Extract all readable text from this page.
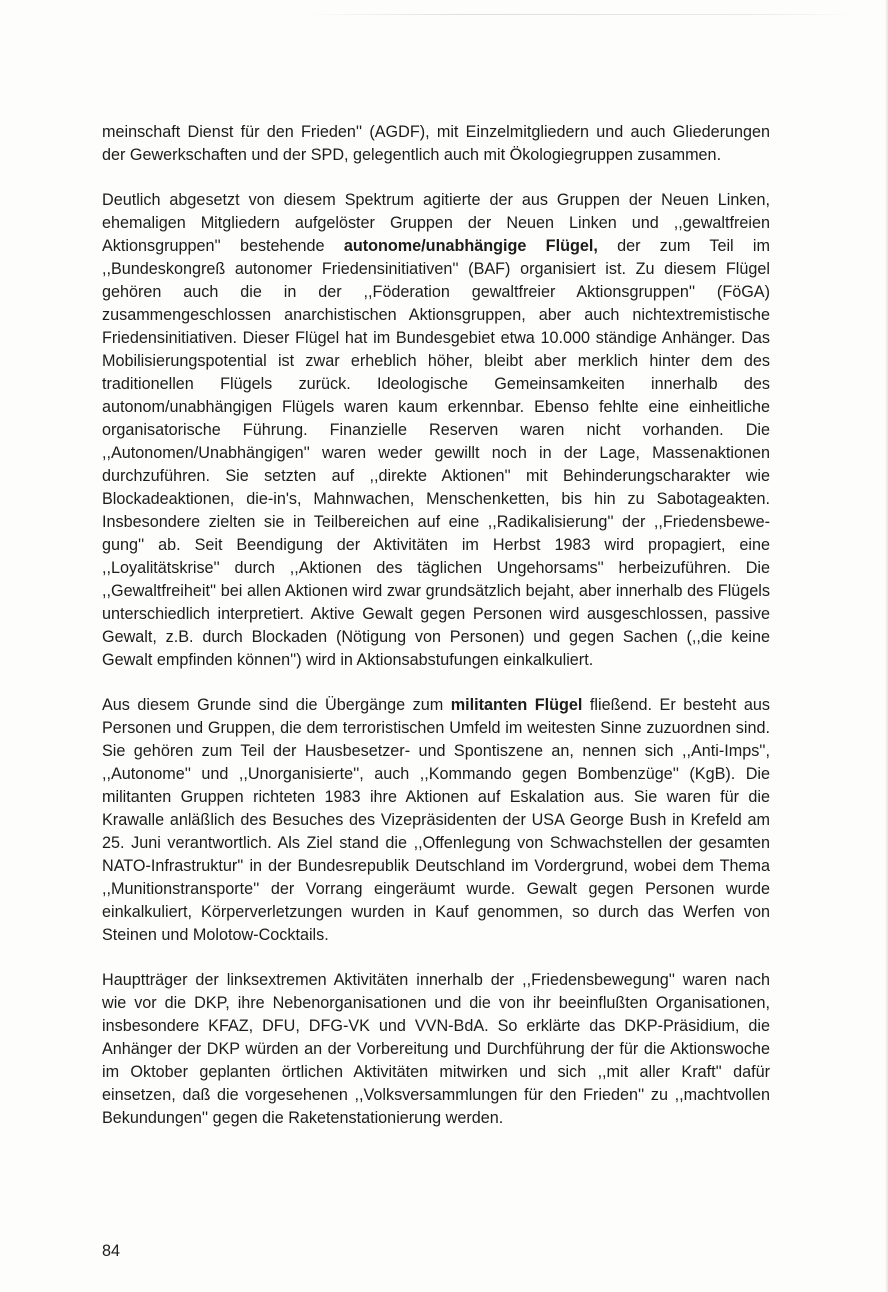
meinschaft Dienst für den Frieden'' (AGDF), mit Einzelmitgliedern und auch Gliederungen der Gewerkschaften und der SPD, gelegentlich auch mit Ökologiegruppen zusammen.

Deutlich abgesetzt von diesem Spektrum agitierte der aus Gruppen der Neuen Linken, ehemaligen Mitgliedern aufgelöster Gruppen der Neuen Linken und ,,gewaltfreien Aktionsgruppen'' bestehende autonome/unabhängige Flügel, der zum Teil im ,,Bundeskongreß autonomer Friedensinitiativen'' (BAF) organisiert ist. Zu diesem Flügel gehören auch die in der ,,Föderation gewaltfreier Aktionsgruppen'' (FöGA) zusammengeschlossen anarchistischen Aktionsgruppen, aber auch nichtextremistische Friedensinitiativen. Dieser Flügel hat im Bundesgebiet etwa 10.000 ständige Anhänger. Das Mobilisierungspotential ist zwar erheblich höher, bleibt aber merklich hinter dem des traditionellen Flügels zurück. Ideologische Gemeinsamkeiten innerhalb des autonom/unabhängigen Flügels waren kaum erkennbar. Ebenso fehlte eine einheitliche organisatorische Führung. Finanzielle Reserven waren nicht vorhanden. Die ,,Autonomen/Unabhängigen'' waren weder gewillt noch in der Lage, Massenaktionen durchzuführen. Sie setzten auf ,,direkte Aktionen'' mit Behinderungscharakter wie Blockadeaktionen, die-in's, Mahnwachen, Menschenketten, bis hin zu Sabotageakten. Insbesondere zielten sie in Teilbereichen auf eine ,,Radikalisierung'' der ,,Friedensbewegung'' ab. Seit Beendigung der Aktivitäten im Herbst 1983 wird propagiert, eine ,,Loyalitätskrise'' durch ,,Aktionen des täglichen Ungehorsams'' herbeizuführen. Die ,,Gewaltfreiheit'' bei allen Aktionen wird zwar grundsätzlich bejaht, aber innerhalb des Flügels unterschiedlich interpretiert. Aktive Gewalt gegen Personen wird ausgeschlossen, passive Gewalt, z.B. durch Blockaden (Nötigung von Personen) und gegen Sachen (,,die keine Gewalt empfinden können'') wird in Aktionsabstufungen einkalkuliert.

Aus diesem Grunde sind die Übergänge zum militanten Flügel fließend. Er besteht aus Personen und Gruppen, die dem terroristischen Umfeld im weitesten Sinne zuzuordnen sind. Sie gehören zum Teil der Hausbesetzer- und Spontiszene an, nennen sich ,,Anti-Imps'', ,,Autonome'' und ,,Unorganisierte'', auch ,,Kommando gegen Bombenzüge'' (KgB). Die militanten Gruppen richteten 1983 ihre Aktionen auf Eskalation aus. Sie waren für die Krawalle anläßlich des Besuches des Vizepräsidenten der USA George Bush in Krefeld am 25. Juni verantwortlich. Als Ziel stand die ,,Offenlegung von Schwachstellen der gesamten NATO-Infrastruktur'' in der Bundesrepublik Deutschland im Vordergrund, wobei dem Thema ,,Munitionstransporte'' der Vorrang eingeräumt wurde. Gewalt gegen Personen wurde einkalkuliert, Körperverletzungen wurden in Kauf genommen, so durch das Werfen von Steinen und Molotow-Cocktails.

Hauptträger der linksextremen Aktivitäten innerhalb der ,,Friedensbewegung'' waren nach wie vor die DKP, ihre Nebenorganisationen und die von ihr beeinflußten Organisationen, insbesondere KFAZ, DFU, DFG-VK und VVN-BdA. So erklärte das DKP-Präsidium, die Anhänger der DKP würden an der Vorbereitung und Durchführung der für die Aktionswoche im Oktober geplanten örtlichen Aktivitäten mitwirken und sich ,,mit aller Kraft'' dafür einsetzen, daß die vorgesehenen ,,Volksversammlungen für den Frieden'' zu ,,machtvollen Bekundungen'' gegen die Raketenstationierung werden.

84
